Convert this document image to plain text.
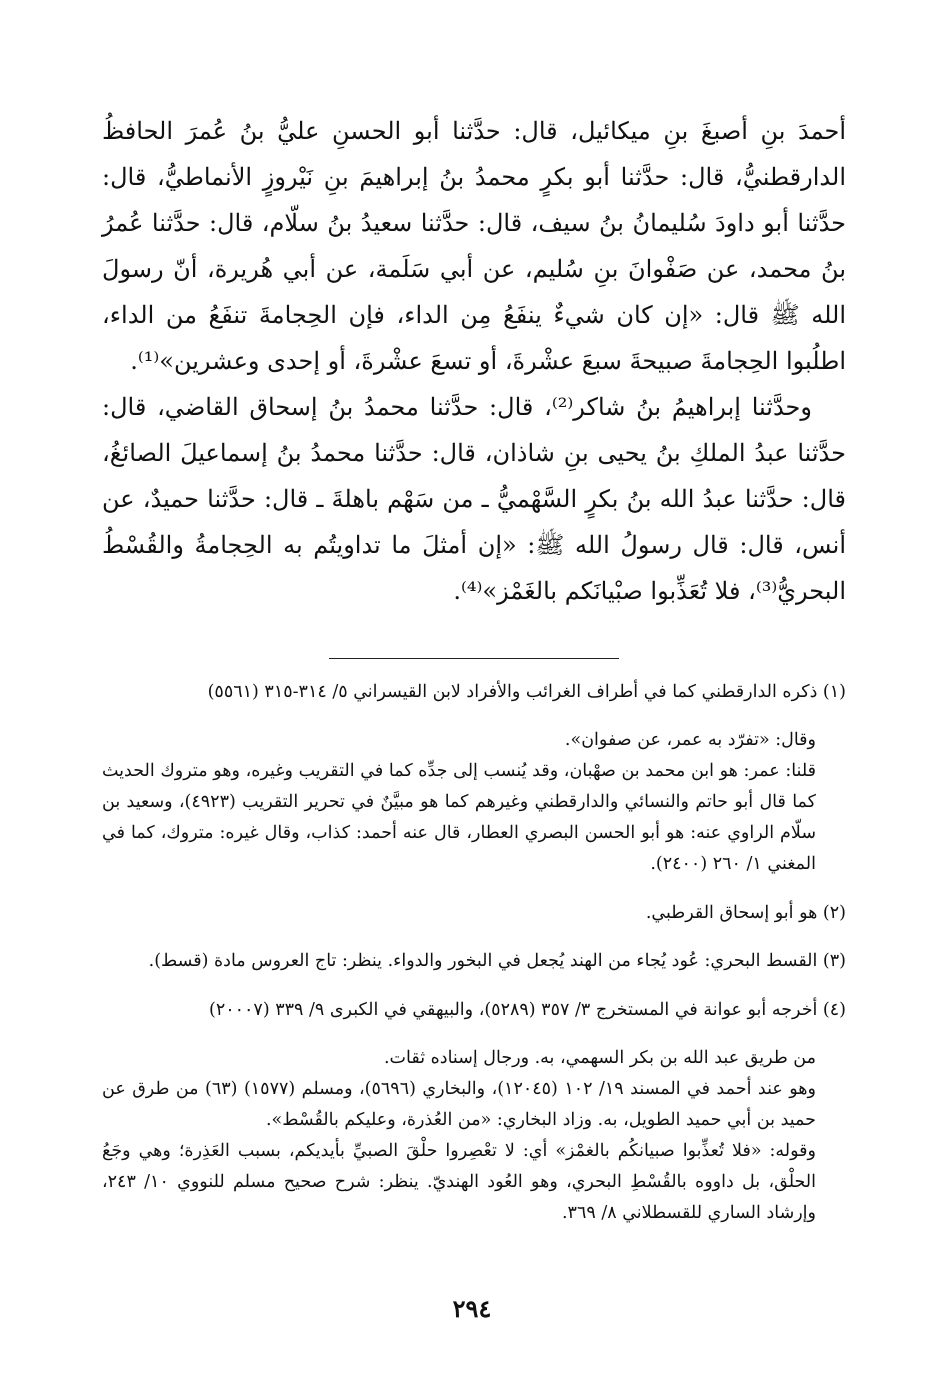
أحمدَ بنِ أصبغَ بنِ ميكائيل، قال: حدَّثنا أبو الحسنِ عليُّ بنُ عُمرَ الحافظُ الدارقطنيُّ، قال: حدَّثنا أبو بكرٍ محمدُ بنُ إبراهيمَ بنِ نَيْروزٍ الأنماطيُّ، قال: حدَّثنا أبو داودَ سُليمانُ بنُ سيف، قال: حدَّثنا سعيدُ بنُ سلّام، قال: حدَّثنا عُمرُ بنُ محمد، عن صَفْوانَ بنِ سُليم، عن أبي سَلَمة، عن أبي هُريرة، أنّ رسولَ الله ﷺ قال: «إن كان شيءٌ ينفَعُ مِن الداء، فإن الحِجامةَ تنفَعُ من الداء، اطلُبوا الحِجامةَ صبيحةَ سبعَ عشْرةَ، أو تسعَ عشْرةَ، أو إحدى وعشرين»⁽¹⁾.

وحدَّثنا إبراهيمُ بنُ شاكر⁽²⁾، قال: حدَّثنا محمدُ بنُ إسحاق القاضي، قال: حدَّثنا عبدُ الملكِ بنُ يحيى بنِ شاذان، قال: حدَّثنا محمدُ بنُ إسماعيلَ الصائغُ، قال: حدَّثنا عبدُ الله بنُ بكرٍ السَّهْميُّ ـ من سَهْم باهلةَ ـ قال: حدَّثنا حميدٌ، عن أنس، قال: قال رسولُ الله ﷺ: «إن أمثلَ ما تداويتُم به الحِجامةُ والقُسْطُ البحريُّ⁽³⁾، فلا تُعَذِّبوا صبْيانَكم بالغَمْز»⁽⁴⁾.

(١) ذكره الدارقطني كما في أطراف الغرائب والأفراد لابن القيسراني ٥/ ٣١٤-٣١٥ (٥٥٦١)

وقال: «تفرّد به عمر، عن صفوان».

قلنا: عمر: هو ابن محمد بن صهْبان، وقد يُنسب إلى جدِّه كما في التقريب وغيره، وهو متروك الحديث كما قال أبو حاتم والنسائي والدارقطني وغيرهم كما هو مبيَّنٌ في تحرير التقريب (٤٩٢٣)، وسعيد بن سلّام الراوي عنه: هو أبو الحسن البصري العطار، قال عنه أحمد: كذاب، وقال غيره: متروك، كما في المغني ١/ ٢٦٠ (٢٤٠٠).

(٢) هو أبو إسحاق القرطبي.

(٣) القسط البحري: عُود يُجاء من الهند يُجعل في البخور والدواء. ينظر: تاج العروس مادة (قسط).

(٤) أخرجه أبو عوانة في المستخرج ٣/ ٣٥٧ (٥٢٨٩)، والبيهقي في الكبرى ٩/ ٣٣٩ (٢٠٠٠٧)

من طريق عبد الله بن بكر السهمي، به. ورجال إسناده ثقات.

وهو عند أحمد في المسند ١٩/ ١٠٢ (١٢٠٤٥)، والبخاري (٥٦٩٦)، ومسلم (١٥٧٧) (٦٣) من طرق عن حميد بن أبي حميد الطويل، به. وزاد البخاري: «من العُذرة، وعليكم بالقُسْط».

وقوله: «فلا تُعذِّبوا صبيانكُم بالغمْز» أي: لا تعْصِروا حلْقَ الصبيِّ بأيديكم، بسبب العَذِرة؛ وهي وجَعُ الحلْق، بل داووه بالقُسْطِ البحري، وهو العُود الهنديّ. ينظر: شرح صحيح مسلم للنووي ١٠/ ٢٤٣، وإرشاد الساري للقسطلاني ٨/ ٣٦٩.

٢٩٤
